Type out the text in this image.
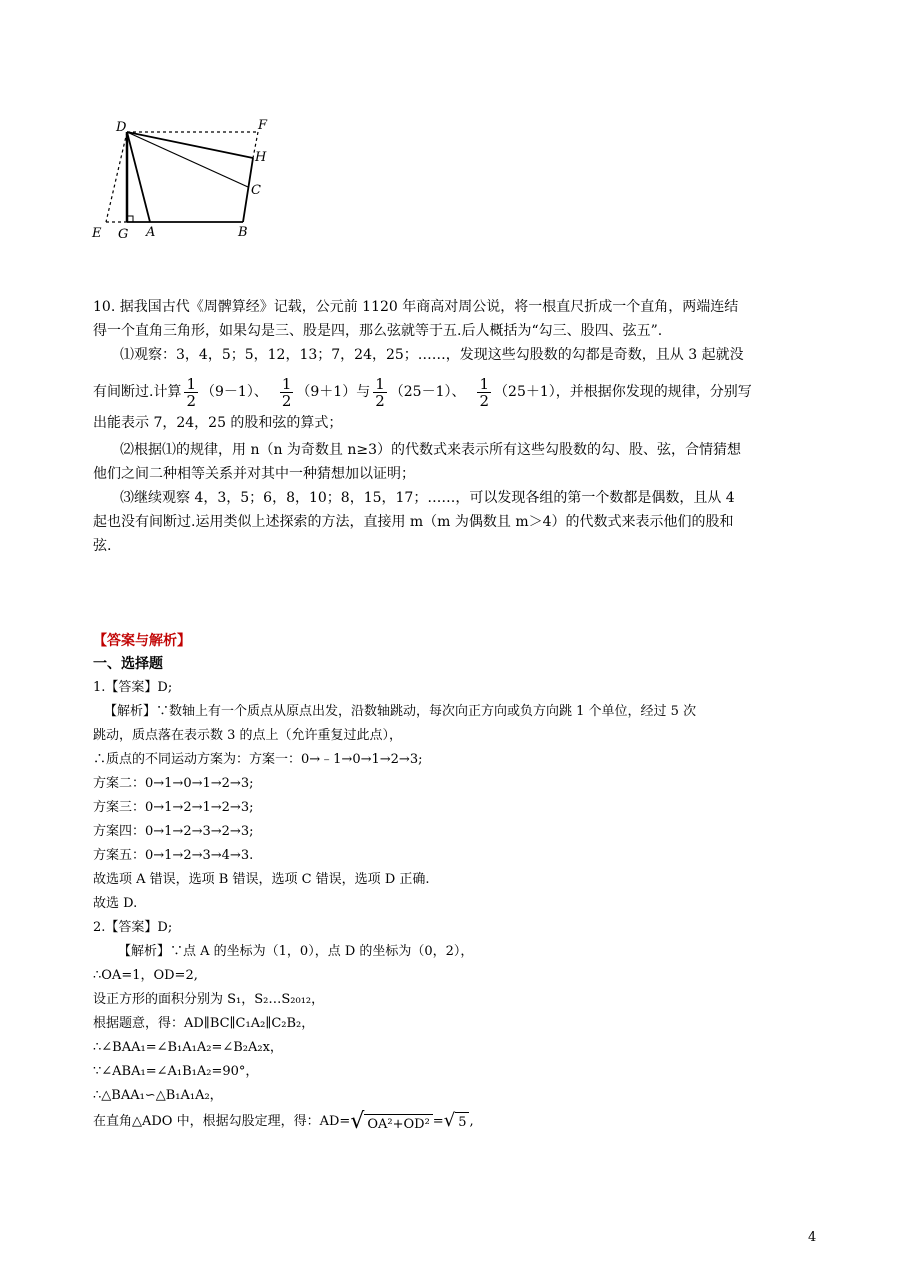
D	F
H
C
E G A	B
10. 据我国古代《周髀算经》记载，公元前 1120 年商高对周公说，将一根直尺折成一个直角，两端连结
得一个直角三角形，如果勾是三、股是四，那么弦就等于五.后人概括为“勾三、股四、弦五”.
⑴观察：3，4，5；5，12，13；7，24，25；……，发现这些勾股数的勾都是奇数，且从 3 起就没
有间断过.计算 $\frac{1}{2} (9-1)$、 $\frac{1}{2} (9+1)$与 $\frac{1}{2} (25-1)$、 $\frac{1}{2} (25+1)$，并根据你发现的规律，分别写
出能表示 7，24，25 的股和弦的算式；
⑵根据⑴的规律，用 n（n 为奇数且 n≥3）的代数式来表示所有这些勾股数的勾、股、弦，合情猜想
他们之间二种相等关系并对其中一种猜想加以证明；
⑶继续观察 4，3，5；6，8，10；8，15，17；……，可以发现各组的第一个数都是偶数，且从 4
起也没有间断过.运用类似上述探索的方法，直接用 m（m 为偶数且 m＞4）的代数式来表示他们的股和
弦.
【答案与解析】
一、选择题
1.【答案】D;
【解析】∵数轴上有一个质点从原点出发，沿数轴跳动，每次向正方向或负方向跳 1 个单位，经过 5 次
跳动，质点落在表示数 3 的点上（允许重复过此点），
∴质点的不同运动方案为：方案一：0→﹣1→0→1→2→3;
方案二：0→1→0→1→2→3;
方案三：0→1→2→1→2→3;
方案四：0→1→2→3→2→3;
方案五：0→1→2→3→4→3.
故选项 A 错误，选项 B 错误，选项 C 错误，选项 D 正确.
故选 D.
2.【答案】D;
【解析】∵点 A 的坐标为（1，0），点 D 的坐标为（0，2），
∴OA=1，OD=2,
设正方形的面积分别为 S₁，S₂…S₂₀₁₂，
根据题意，得：AD∥BC∥C₁A₂∥C₂B₂，
∴∠BAA₁=∠B₁A₁A₂=∠B₂A₂x，
∵∠ABA₁=∠A₁B₁A₂=90°，
∴△BAA₁∽△B₁A₁A₂，
在直角△ADO 中，根据勾股定理，得：AD= √ OA²+OD² = √ 5 ,
4
